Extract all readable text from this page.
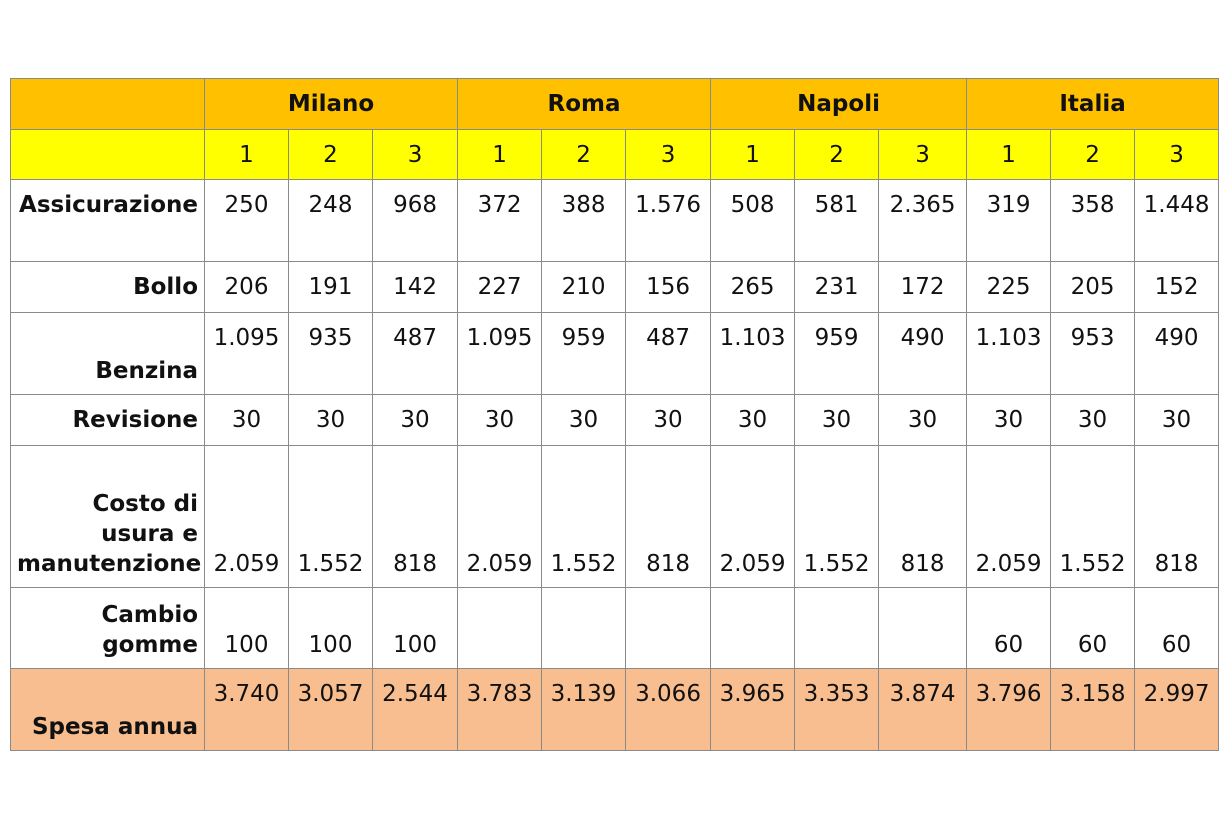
	Milano			Roma			Napoli			Italia		
	1	2	3	1	2	3	1	2	3	1	2	3
Assicurazione	250	248	968	372	388	1.576	508	581	2.365	319	358	1.448
Bollo	206	191	142	227	210	156	265	231	172	225	205	152
Benzina	1.095	935	487	1.095	959	487	1.103	959	490	1.103	953	490
Revisione	30	30	30	30	30	30	30	30	30	30	30	30
Costo di usura e manutenzione	2.059	1.552	818	2.059	1.552	818	2.059	1.552	818	2.059	1.552	818
Cambio gomme	100	100	100							60	60	60
Spesa annua	3.740	3.057	2.544	3.783	3.139	3.066	3.965	3.353	3.874	3.796	3.158	2.997
